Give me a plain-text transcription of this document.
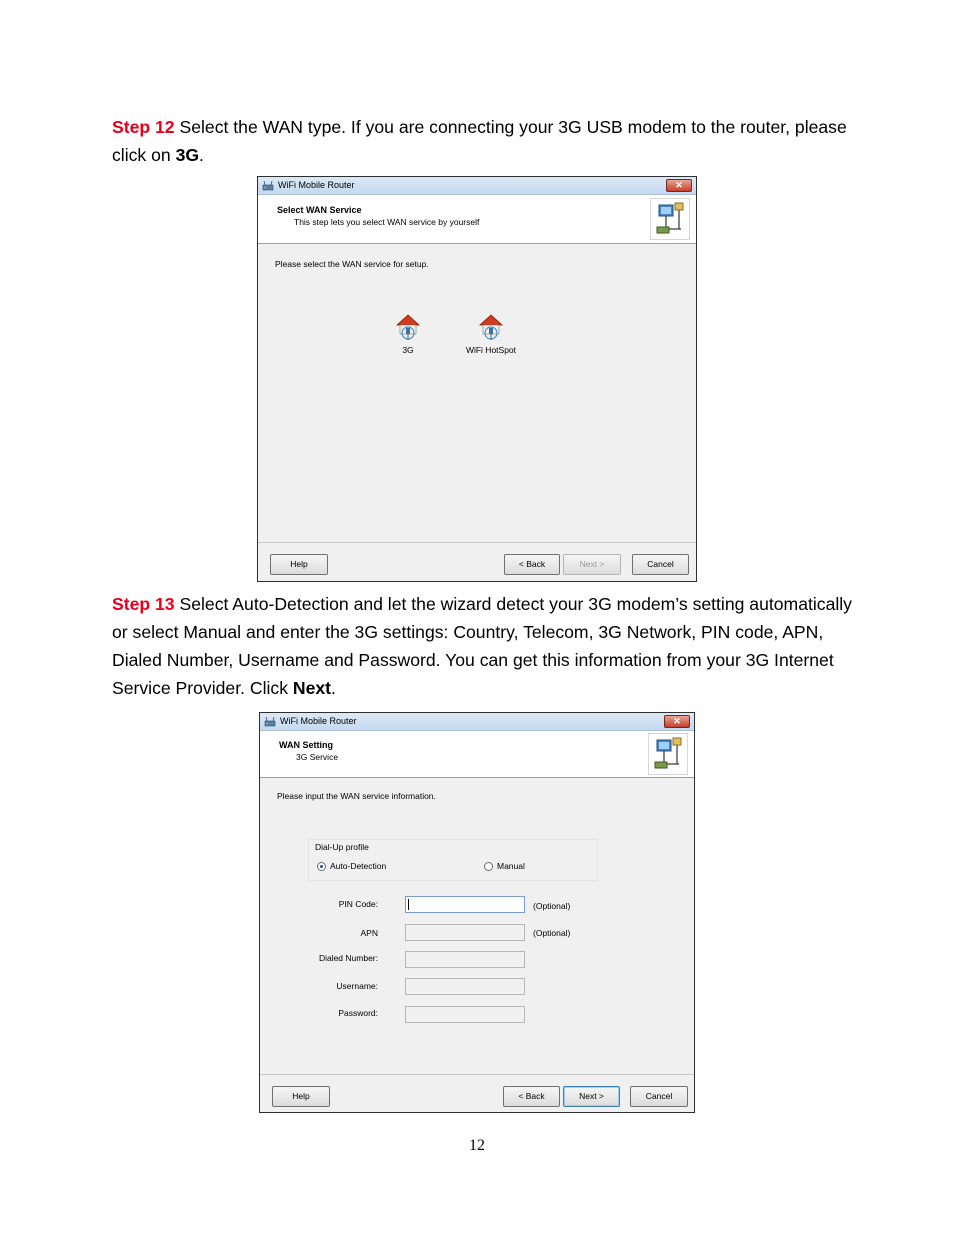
Step 12 Select the WAN type. If you are connecting your 3G USB modem to the router, please click on 3G.
WiFi Mobile Router	✕
Select WAN Service
This step lets you select WAN service by yourself
Please select the WAN service for setup.
3G	WiFi HotSpot
Help	< Back	Next >	Cancel
Step 13 Select Auto-Detection and let the wizard detect your 3G modem’s setting automatically or select Manual and enter the 3G settings: Country, Telecom, 3G Network, PIN code, APN, Dialed Number, Username and Password. You can get this information from your 3G Internet Service Provider. Click Next.
WiFi Mobile Router	✕
WAN Setting
3G Service
Please input the WAN service information.
Dial-Up profile
Auto-Detection	Manual
PIN Code:	(Optional)
APN	(Optional)
Dialed Number:
Username:
Password:
Help	< Back	Next >	Cancel
12
